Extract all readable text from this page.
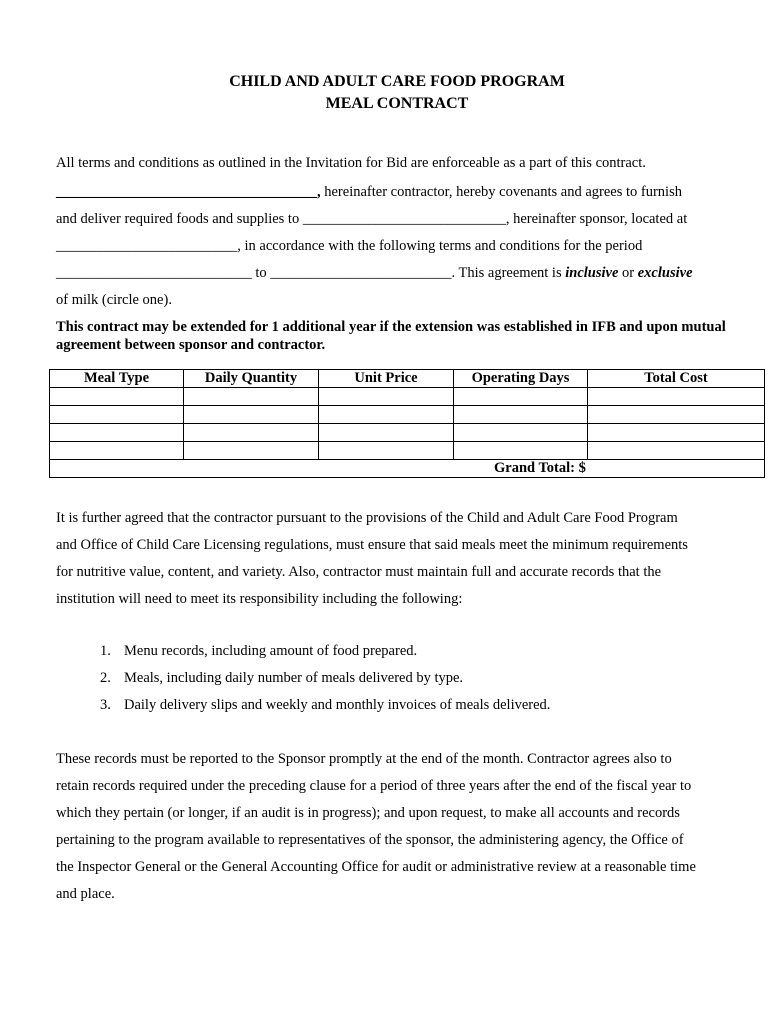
CHILD AND ADULT CARE FOOD PROGRAM
MEAL CONTRACT
All terms and conditions as outlined in the Invitation for Bid are enforceable as a part of this contract.
____________________________________, hereinafter contractor, hereby covenants and agrees to furnish
and deliver required foods and supplies to ____________________________, hereinafter sponsor, located at
_________________________, in accordance with the following terms and conditions for the period
___________________________ to _________________________. This agreement is inclusive or exclusive
of milk (circle one).
This contract may be extended for 1 additional year if the extension was established in IFB and upon mutual agreement between sponsor and contractor.
Meal Type	Daily Quantity	Unit Price	Operating Days	Total Cost

Grand Total: $				
It is further agreed that the contractor pursuant to the provisions of the Child and Adult Care Food Program
and Office of Child Care Licensing regulations, must ensure that said meals meet the minimum requirements
for nutritive value, content, and variety. Also, contractor must maintain full and accurate records that the
institution will need to meet its responsibility including the following:
1. Menu records, including amount of food prepared.
2. Meals, including daily number of meals delivered by type.
3. Daily delivery slips and weekly and monthly invoices of meals delivered.
These records must be reported to the Sponsor promptly at the end of the month. Contractor agrees also to
retain records required under the preceding clause for a period of three years after the end of the fiscal year to
which they pertain (or longer, if an audit is in progress); and upon request, to make all accounts and records
pertaining to the program available to representatives of the sponsor, the administering agency, the Office of
the Inspector General or the General Accounting Office for audit or administrative review at a reasonable time
and place.
